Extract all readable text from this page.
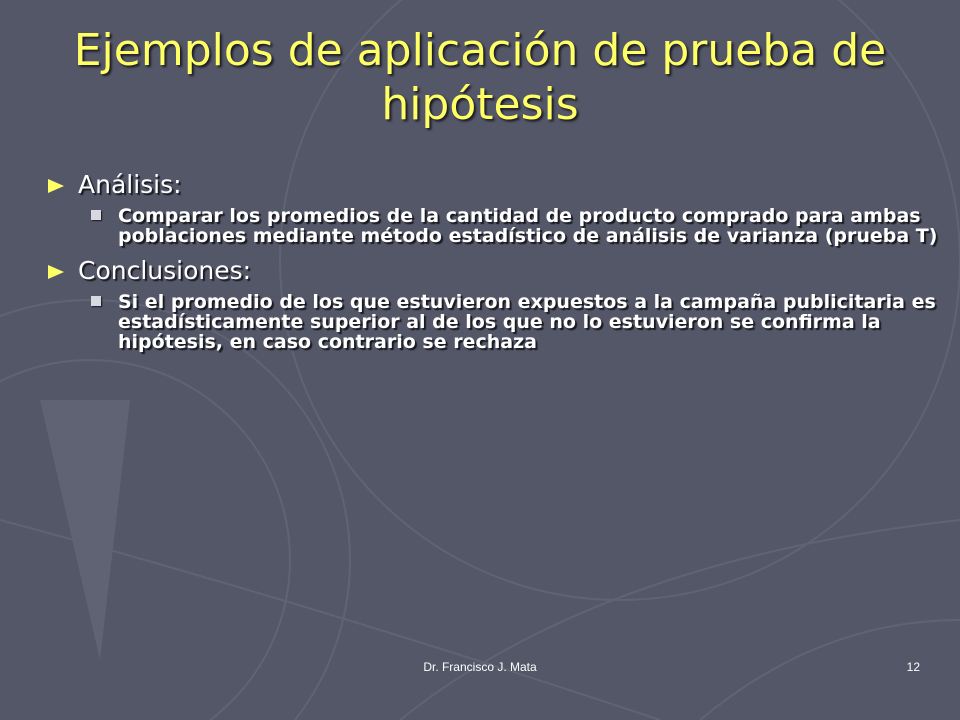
Ejemplos de aplicación de prueba de hipótesis
Análisis:
Comparar los promedios de la cantidad de producto comprado para ambas poblaciones mediante método estadístico de análisis de varianza (prueba T)
Conclusiones:
Si el promedio de los que estuvieron expuestos a la campaña publicitaria es estadísticamente superior al de los que no lo estuvieron se confirma la hipótesis, en caso contrario se rechaza
Dr. Francisco J. Mata	12
